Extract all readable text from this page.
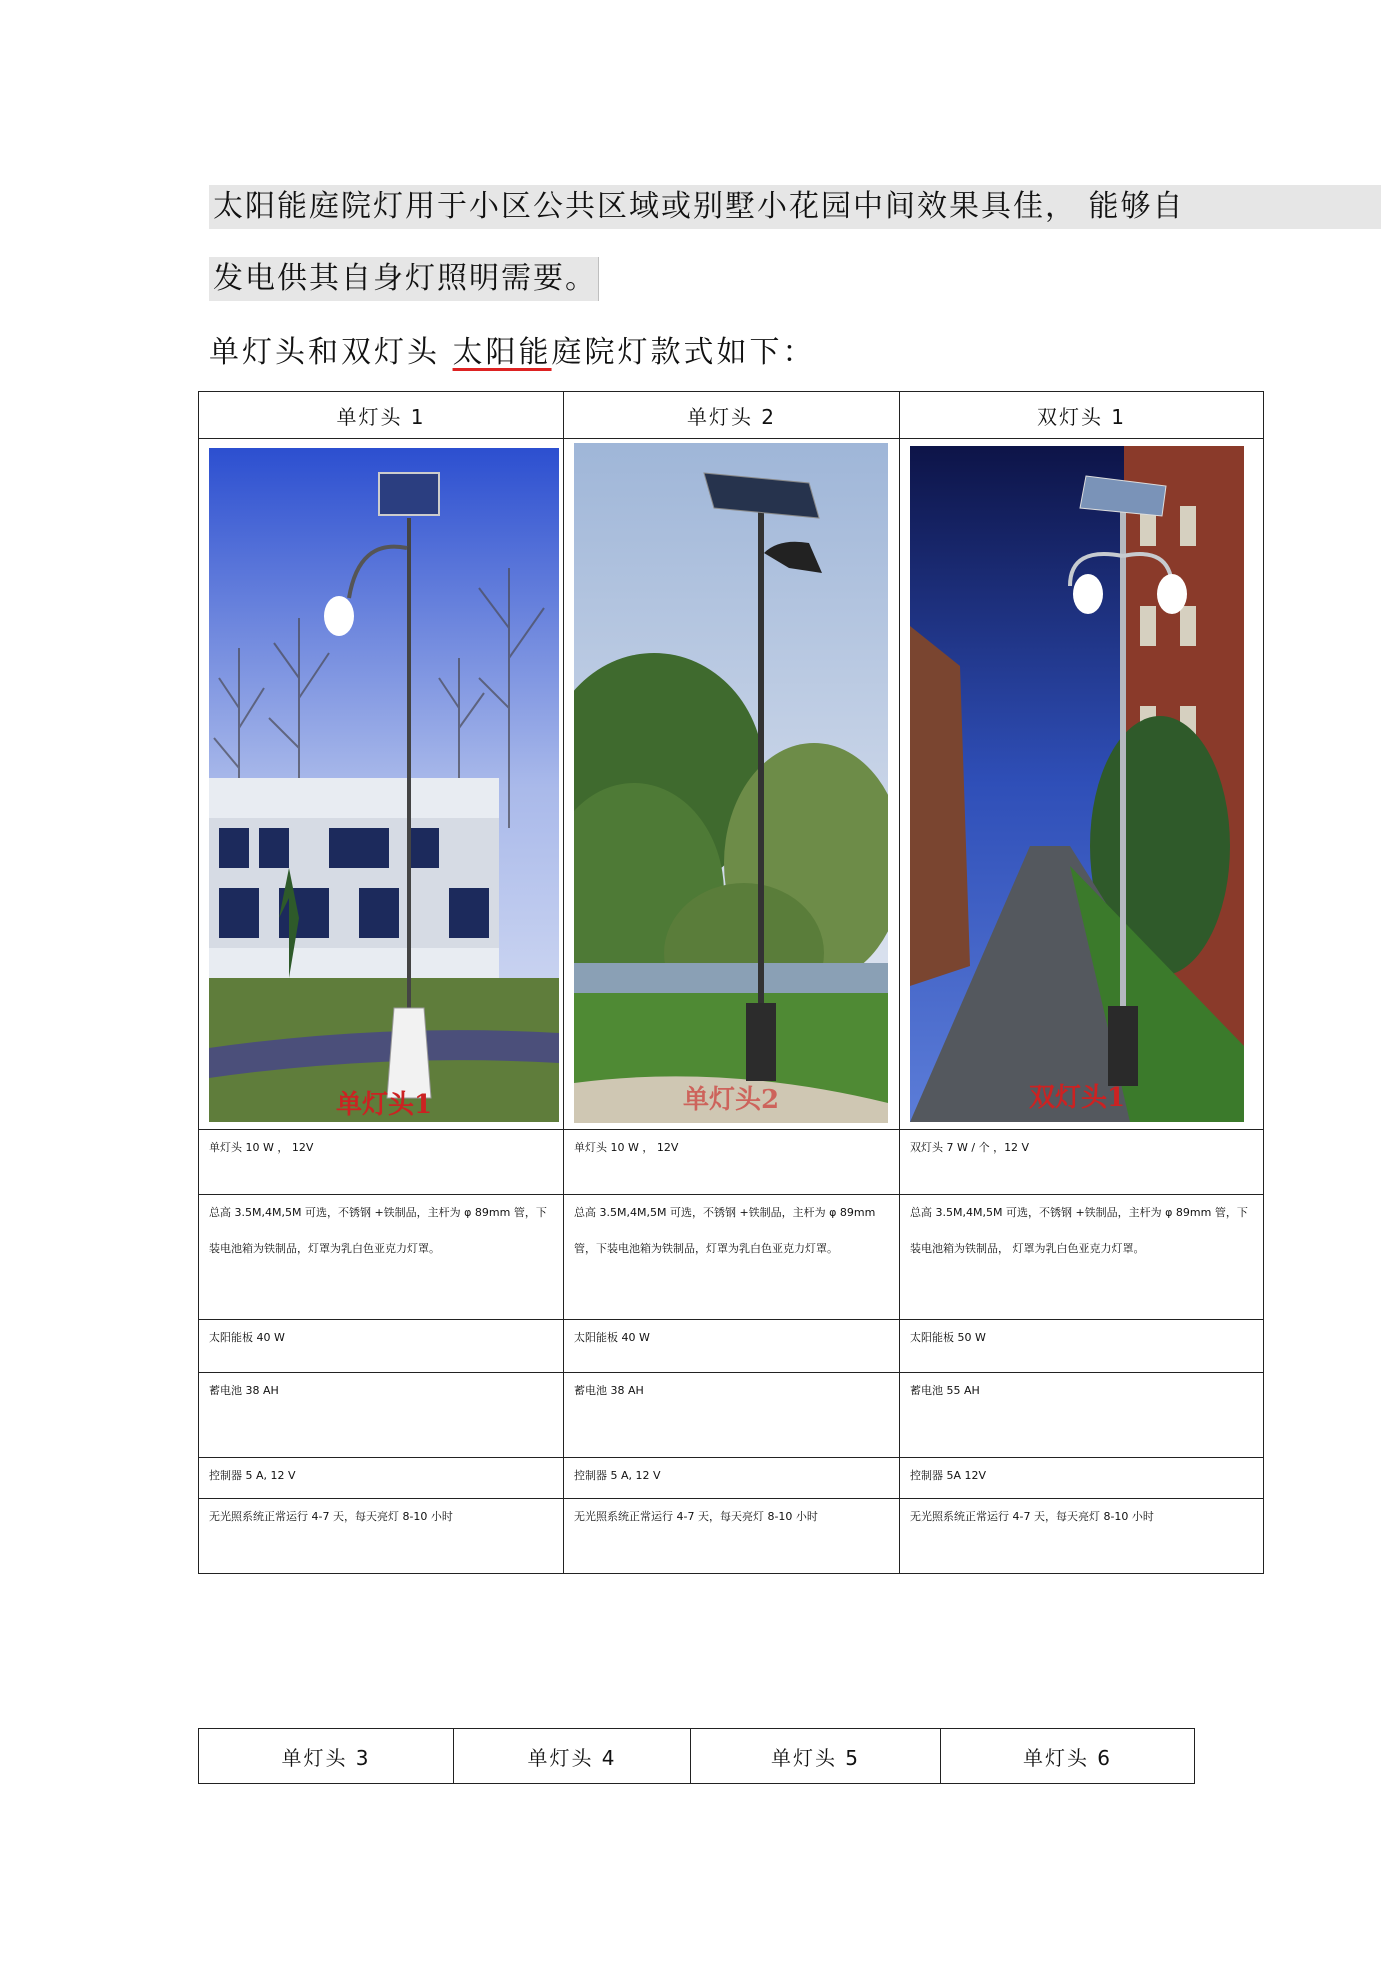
太阳能庭院灯用于小区公共区域或别墅小花园中间效果具佳， 能够自
发电供其自身灯照明需要。
单灯头和双灯头 太阳能庭院灯款式如下：
单灯头 1	单灯头 2	双灯头 1

单灯头1	单灯头2	双灯头1

单灯头 10 W ， 12V	单灯头 10 W ， 12V	双灯头 7 W / 个 ，12 V
总高 3.5M,4M,5M 可选，不锈钢 +铁制品，主杆为 φ 89mm 管，下装电池箱为铁制品，灯罩为乳白色亚克力灯罩。	总高 3.5M,4M,5M 可选，不锈钢 +铁制品，主杆为 φ 89mm 管，下装电池箱为铁制品，灯罩为乳白色亚克力灯罩。	总高 3.5M,4M,5M 可选，不锈钢 +铁制品，主杆为 φ 89mm 管，下装电池箱为铁制品， 灯罩为乳白色亚克力灯罩。
太阳能板 40 W	太阳能板 40 W	太阳能板 50 W
蓄电池 38 AH	蓄电池 38 AH	蓄电池 55 AH
控制器 5 A, 12 V	控制器 5 A, 12 V	控制器 5A 12V
无光照系统正常运行 4-7 天，每天亮灯 8-10 小时	无光照系统正常运行 4-7 天，每天亮灯 8-10 小时	无光照系统正常运行 4-7 天，每天亮灯 8-10 小时
单灯头 3	单灯头 4	单灯头 5	单灯头 6
